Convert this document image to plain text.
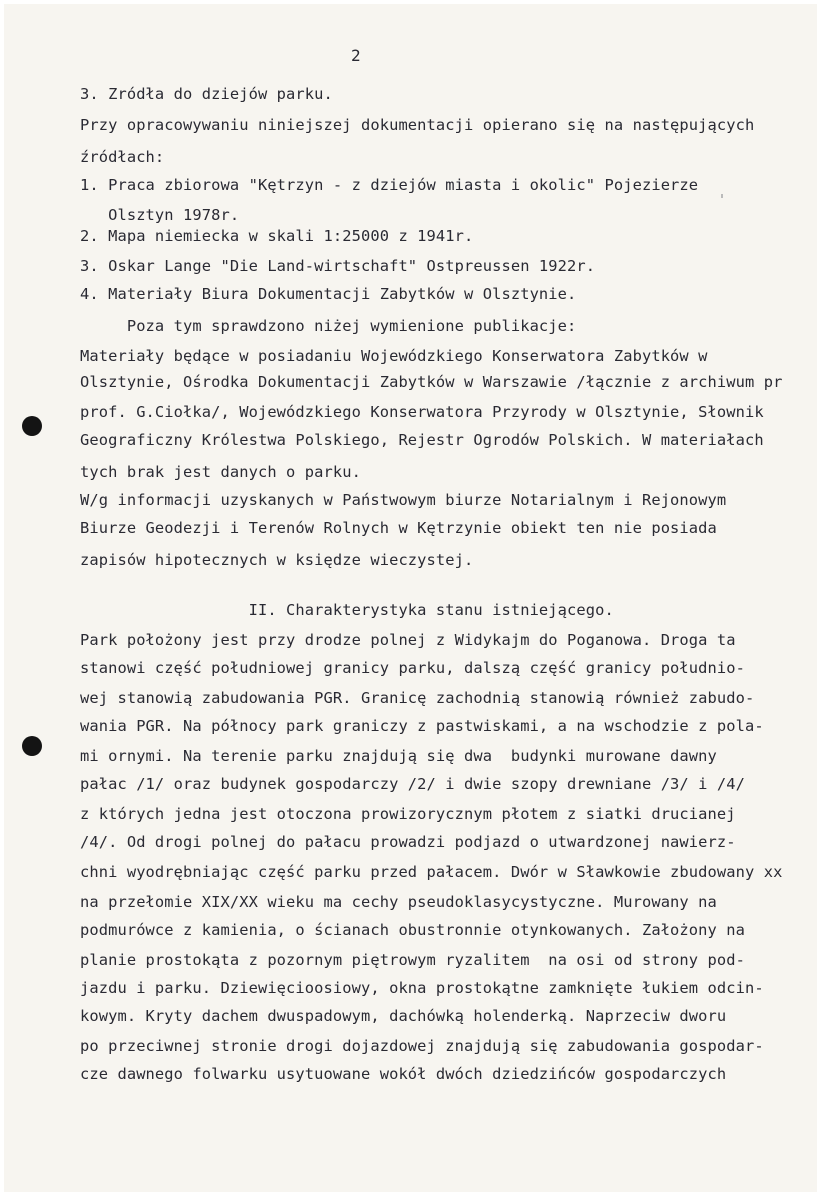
2
3. Zródła do dziejów parku.
Przy opracowywaniu niniejszej dokumentacji opierano się na następujących
źródłach:
1. Praca zbiorowa "Kętrzyn - z dziejów miasta i okolic" Pojezierze
Olsztyn 1978r.
2. Mapa niemiecka w skali 1:25000 z 1941r.
3. Oskar Lange "Die Land-wirtschaft" Ostpreussen 1922r.
4. Materiały Biura Dokumentacji Zabytków w Olsztynie.
Poza tym sprawdzono niżej wymienione publikacje:
Materiały będące w posiadaniu Wojewódzkiego Konserwatora Zabytków w
Olsztynie, Ośrodka Dokumentacji Zabytków w Warszawie /łącznie z archiwum pr
prof. G.Ciołka/, Wojewódzkiego Konserwatora Przyrody w Olsztynie, Słownik
Geograficzny Królestwa Polskiego, Rejestr Ogrodów Polskich. W materiałach
tych brak jest danych o parku.
W/g informacji uzyskanych w Państwowym biurze Notarialnym i Rejonowym
Biurze Geodezji i Terenów Rolnych w Kętrzynie obiekt ten nie posiada
zapisów hipotecznych w księdze wieczystej.
II. Charakterystyka stanu istniejącego.
Park położony jest przy drodze polnej z Widykajm do Poganowa. Droga ta
stanowi część południowej granicy parku, dalszą część granicy południo-
wej stanowią zabudowania PGR. Granicę zachodnią stanowią również zabudo-
wania PGR. Na północy park graniczy z pastwiskami, a na wschodzie z pola-
mi ornymi. Na terenie parku znajdują się dwa  budynki murowane dawny
pałac /1/ oraz budynek gospodarczy /2/ i dwie szopy drewniane /3/ i /4/
z których jedna jest otoczona prowizorycznym płotem z siatki drucianej
/4/. Od drogi polnej do pałacu prowadzi podjazd o utwardzonej nawierz-
chni wyodrębniając część parku przed pałacem. Dwór w Sławkowie zbudowany xx
na przełomie XIX/XX wieku ma cechy pseudoklasycystyczne. Murowany na
podmurówce z kamienia, o ścianach obustronnie otynkowanych. Założony na
planie prostokąta z pozornym piętrowym ryzalitem  na osi od strony pod-
jazdu i parku. Dziewięcioosiowy, okna prostokątne zamknięte łukiem odcin-
kowym. Kryty dachem dwuspadowym, dachówką holenderką. Naprzeciw dworu
po przeciwnej stronie drogi dojazdowej znajdują się zabudowania gospodar-
cze dawnego folwarku usytuowane wokół dwóch dziedzińców gospodarczych
